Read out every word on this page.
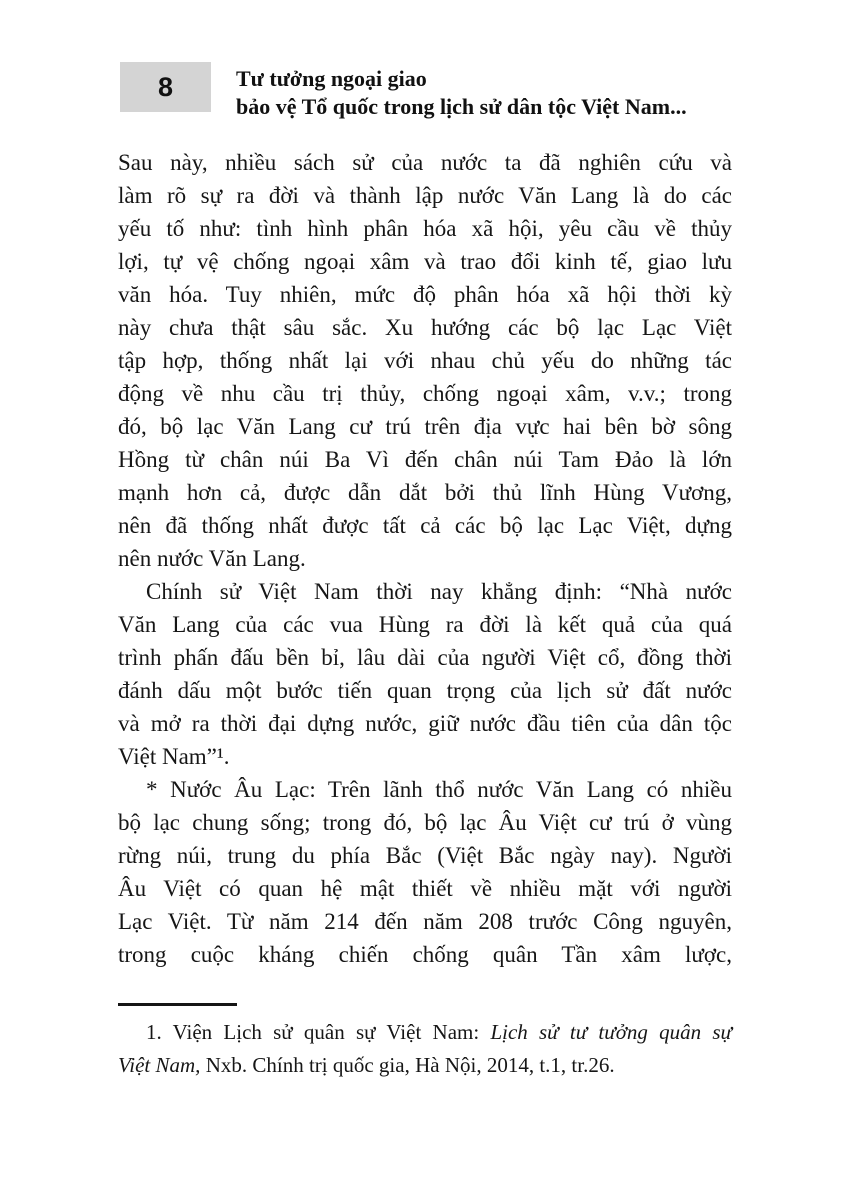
8	Tư tưởng ngoại giao
bảo vệ Tổ quốc trong lịch sử dân tộc Việt Nam...
Sau này, nhiều sách sử của nước ta đã nghiên cứu và
làm rõ sự ra đời và thành lập nước Văn Lang là do các
yếu tố như: tình hình phân hóa xã hội, yêu cầu về thủy
lợi, tự vệ chống ngoại xâm và trao đổi kinh tế, giao lưu
văn hóa. Tuy nhiên, mức độ phân hóa xã hội thời kỳ
này chưa thật sâu sắc. Xu hướng các bộ lạc Lạc Việt
tập hợp, thống nhất lại với nhau chủ yếu do những tác
động về nhu cầu trị thủy, chống ngoại xâm, v.v.; trong
đó, bộ lạc Văn Lang cư trú trên địa vực hai bên bờ sông
Hồng từ chân núi Ba Vì đến chân núi Tam Đảo là lớn
mạnh hơn cả, được dẫn dắt bởi thủ lĩnh Hùng Vương,
nên đã thống nhất được tất cả các bộ lạc Lạc Việt, dựng
nên nước Văn Lang.
Chính sử Việt Nam thời nay khẳng định: “Nhà nước
Văn Lang của các vua Hùng ra đời là kết quả của quá
trình phấn đấu bền bỉ, lâu dài của người Việt cổ, đồng thời
đánh dấu một bước tiến quan trọng của lịch sử đất nước
và mở ra thời đại dựng nước, giữ nước đầu tiên của dân tộc
Việt Nam”¹.
* Nước Âu Lạc: Trên lãnh thổ nước Văn Lang có nhiều
bộ lạc chung sống; trong đó, bộ lạc Âu Việt cư trú ở vùng
rừng núi, trung du phía Bắc (Việt Bắc ngày nay). Người
Âu Việt có quan hệ mật thiết về nhiều mặt với người
Lạc Việt. Từ năm 214 đến năm 208 trước Công nguyên,
trong cuộc kháng chiến chống quân Tần xâm lược,
1. Viện Lịch sử quân sự Việt Nam: Lịch sử tư tưởng quân sự
Việt Nam, Nxb. Chính trị quốc gia, Hà Nội, 2014, t.1, tr.26.
